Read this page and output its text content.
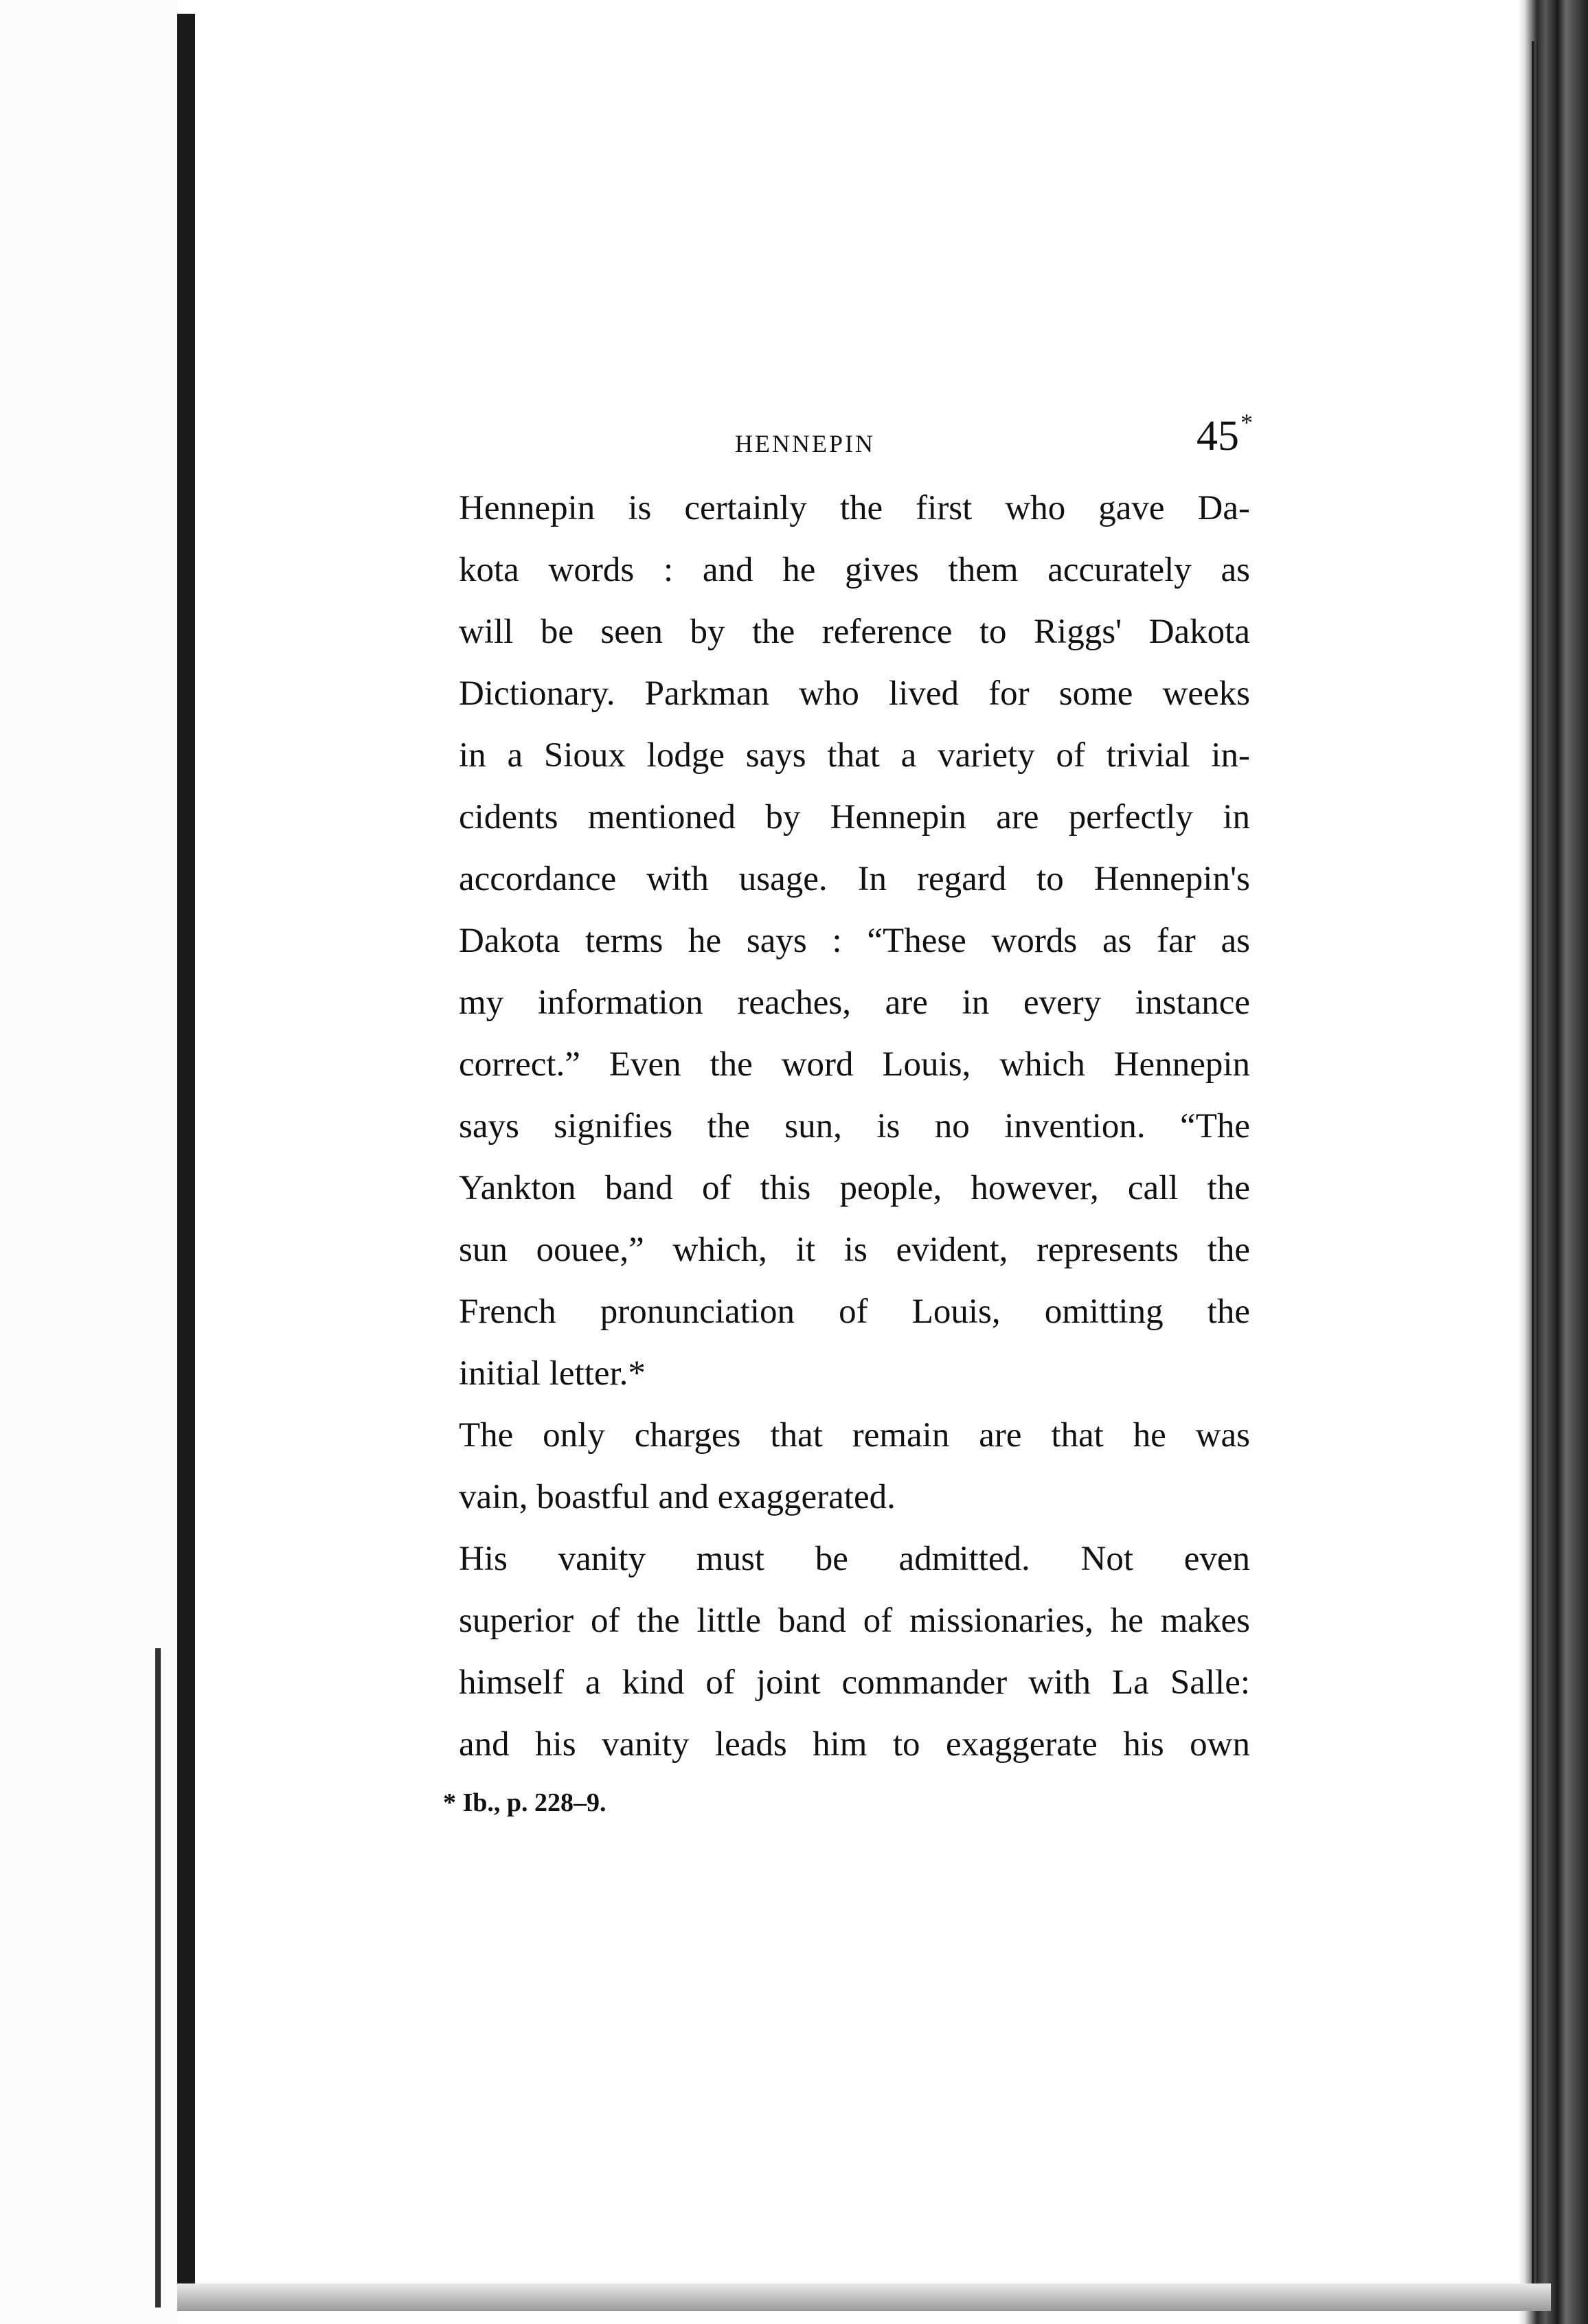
HENNEPIN	45*
Hennepin is certainly the first who gave Da-
kota words : and he gives them accurately as
will be seen by the reference to Riggs' Dakota
Dictionary. Parkman who lived for some weeks
in a Sioux lodge says that a variety of trivial in-
cidents mentioned by Hennepin are perfectly in
accordance with usage. In regard to Hennepin's
Dakota terms he says : “These words as far as
my information reaches, are in every instance
correct.” Even the word Louis, which Hennepin
says signifies the sun, is no invention. “The
Yankton band of this people, however, call the
sun oouee,” which, it is evident, represents the
French pronunciation of Louis, omitting the
initial letter.*
The only charges that remain are that he was
vain, boastful and exaggerated.
His vanity must be admitted. Not even
superior of the little band of missionaries, he makes
himself a kind of joint commander with La Salle:
and his vanity leads him to exaggerate his own
* Ib., p. 228–9.
